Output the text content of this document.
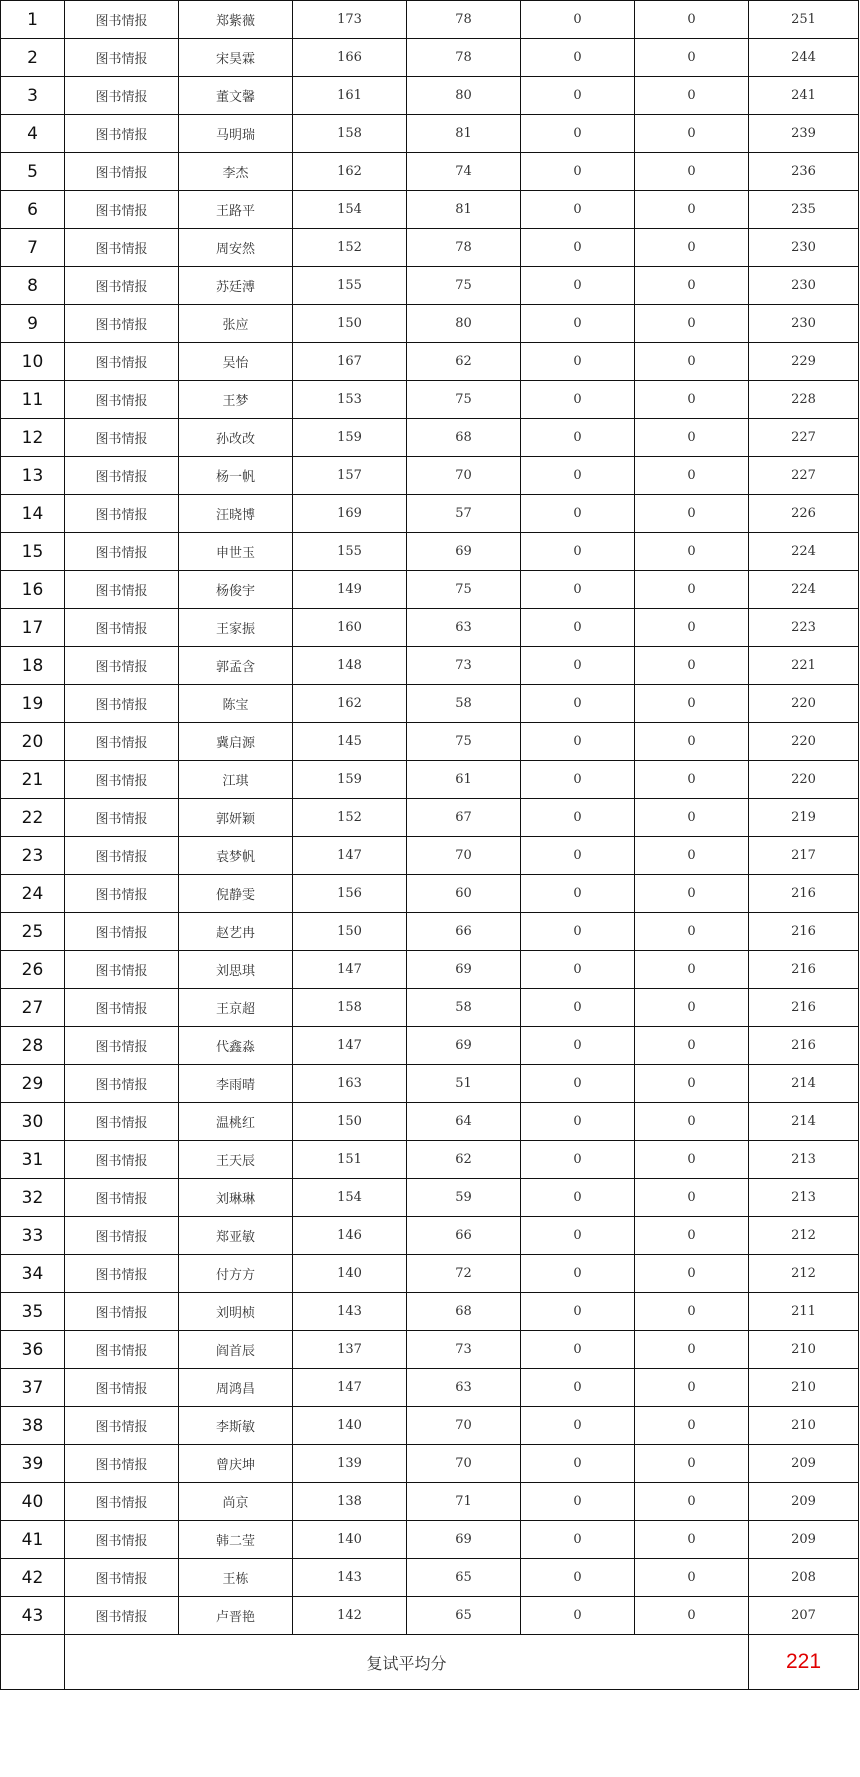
1	图书情报	郑紫薇	173	78	0	0	251
2	图书情报	宋昊霖	166	78	0	0	244
3	图书情报	董文馨	161	80	0	0	241
4	图书情报	马明瑞	158	81	0	0	239
5	图书情报	李杰	162	74	0	0	236
6	图书情报	王路平	154	81	0	0	235
7	图书情报	周安然	152	78	0	0	230
8	图书情报	苏廷溥	155	75	0	0	230
9	图书情报	张应	150	80	0	0	230
10	图书情报	吴怡	167	62	0	0	229
11	图书情报	王梦	153	75	0	0	228
12	图书情报	孙改改	159	68	0	0	227
13	图书情报	杨一帆	157	70	0	0	227
14	图书情报	汪晓博	169	57	0	0	226
15	图书情报	申世玉	155	69	0	0	224
16	图书情报	杨俊宇	149	75	0	0	224
17	图书情报	王家振	160	63	0	0	223
18	图书情报	郭孟含	148	73	0	0	221
19	图书情报	陈宝	162	58	0	0	220
20	图书情报	冀启源	145	75	0	0	220
21	图书情报	江琪	159	61	0	0	220
22	图书情报	郭妍颖	152	67	0	0	219
23	图书情报	袁梦帆	147	70	0	0	217
24	图书情报	倪静雯	156	60	0	0	216
25	图书情报	赵艺冉	150	66	0	0	216
26	图书情报	刘思琪	147	69	0	0	216
27	图书情报	王京超	158	58	0	0	216
28	图书情报	代鑫淼	147	69	0	0	216
29	图书情报	李雨晴	163	51	0	0	214
30	图书情报	温桃红	150	64	0	0	214
31	图书情报	王天辰	151	62	0	0	213
32	图书情报	刘琳琳	154	59	0	0	213
33	图书情报	郑亚敏	146	66	0	0	212
34	图书情报	付方方	140	72	0	0	212
35	图书情报	刘明桢	143	68	0	0	211
36	图书情报	阎首辰	137	73	0	0	210
37	图书情报	周鸿昌	147	63	0	0	210
38	图书情报	李斯敏	140	70	0	0	210
39	图书情报	曾庆坤	139	70	0	0	209
40	图书情报	尚京	138	71	0	0	209
41	图书情报	韩二莹	140	69	0	0	209
42	图书情报	王栋	143	65	0	0	208
43	图书情报	卢晋艳	142	65	0	0	207
	复试平均分						221
